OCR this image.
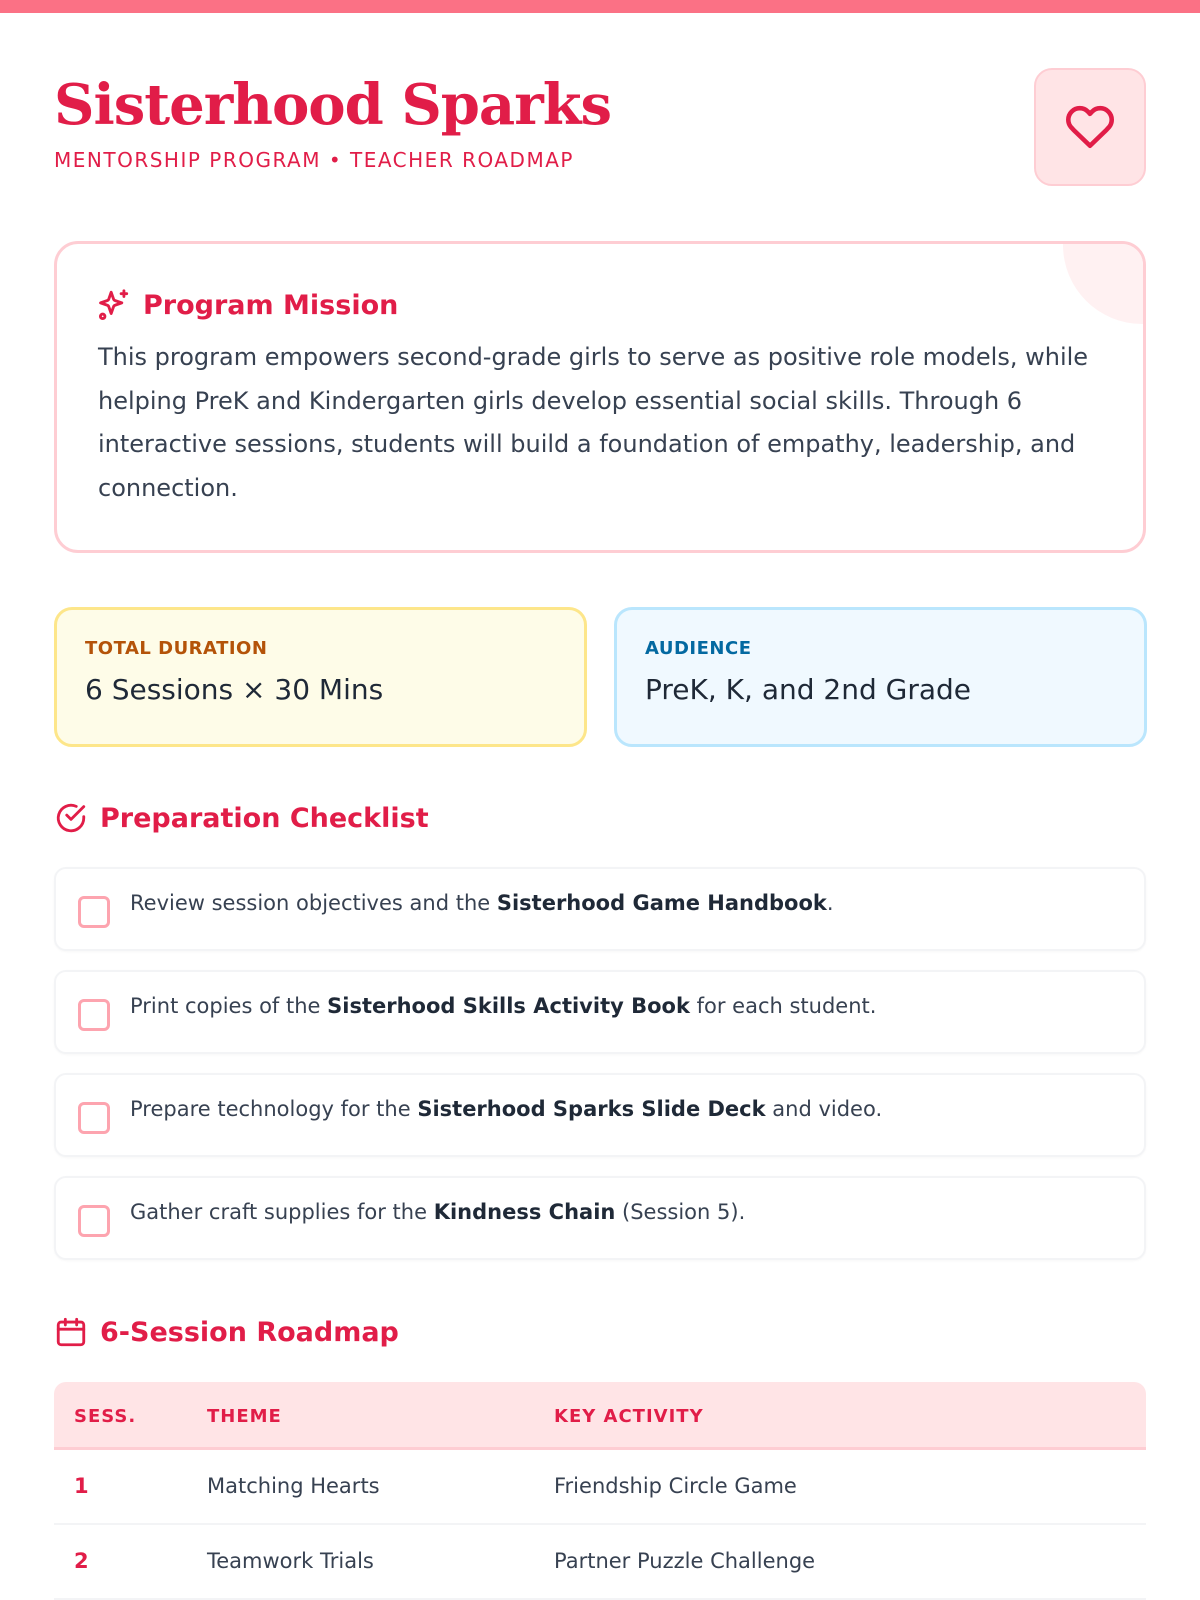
Sisterhood Sparks
MENTORSHIP PROGRAM • TEACHER ROADMAP
Program Mission

This program empowers second-grade girls to serve as positive role models, while helping PreK and Kindergarten girls develop essential social skills. Through 6 interactive sessions, students will build a foundation of empathy, leadership, and connection.

TOTAL DURATION
6 Sessions × 30 Mins
AUDIENCE
PreK, K, and 2nd Grade
Preparation Checklist
Review session objectives and the Sisterhood Game Handbook.
Print copies of the Sisterhood Skills Activity Book for each student.
Prepare technology for the Sisterhood Sparks Slide Deck and video.
Gather craft supplies for the Kindness Chain (Session 5).
6-Session Roadmap
SESS.	THEME	KEY ACTIVITY
1	Matching Hearts	Friendship Circle Game
2	Teamwork Trials	Partner Puzzle Challenge
